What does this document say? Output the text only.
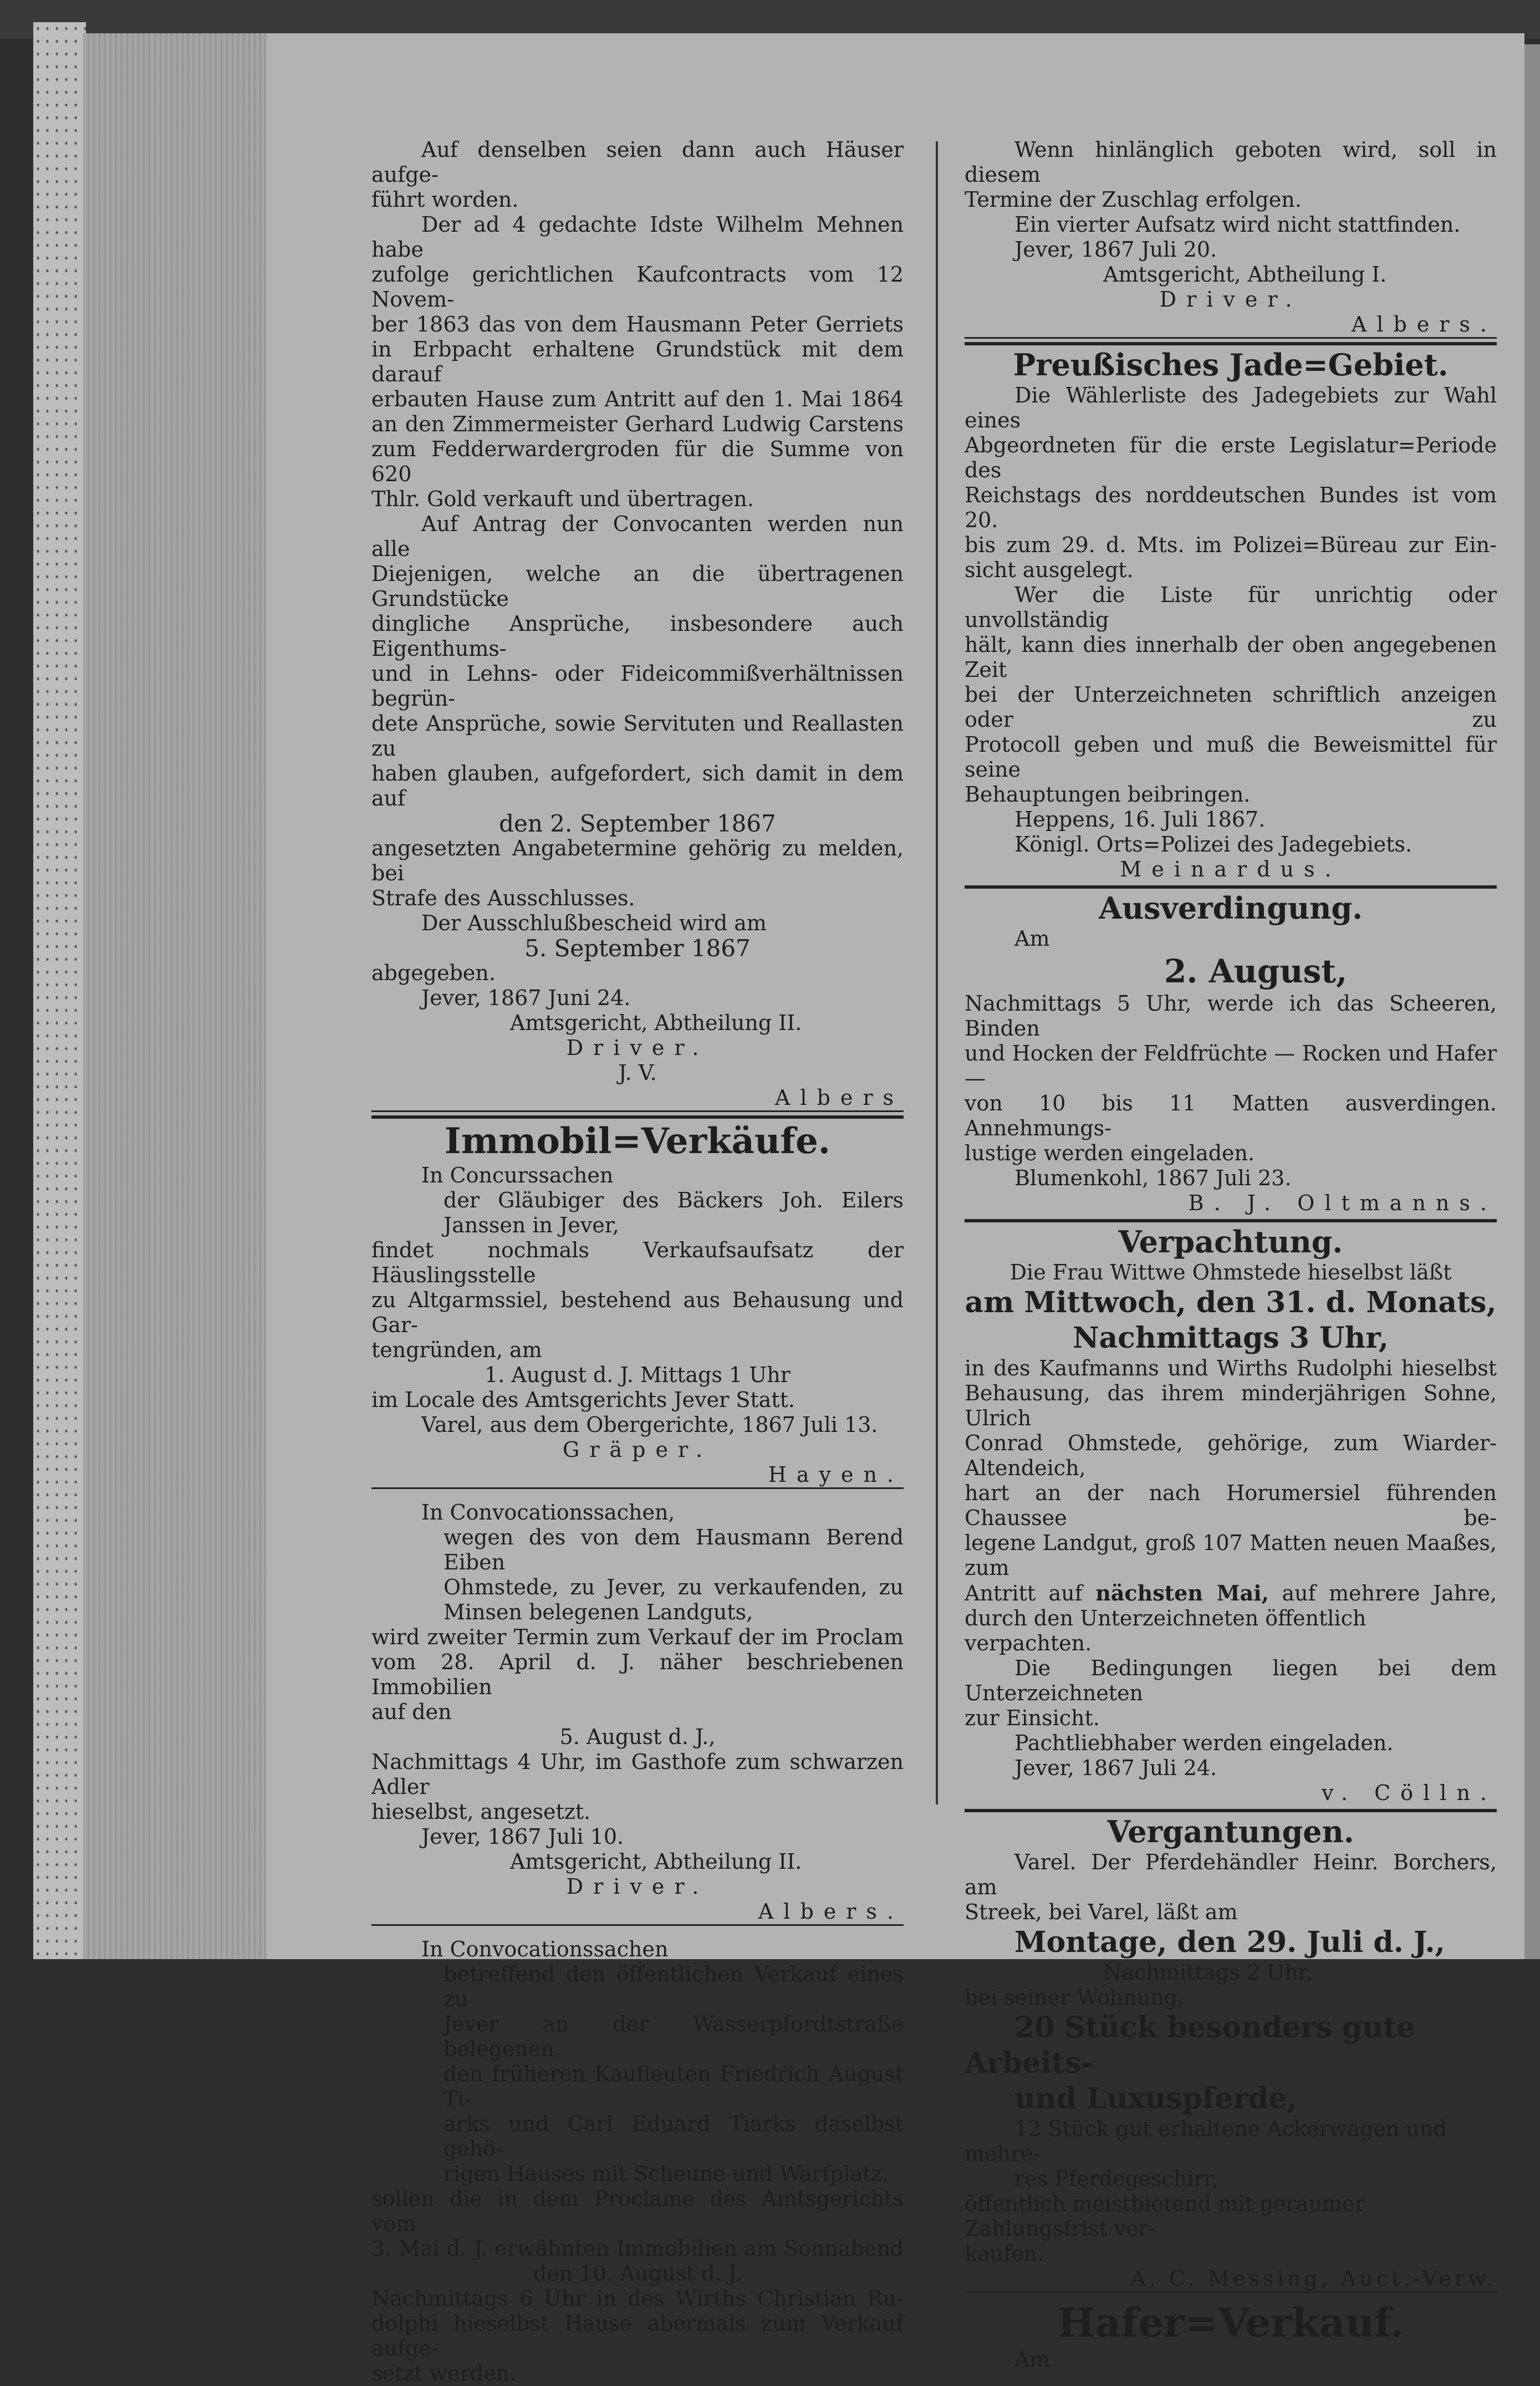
Auf denselben seien dann auch Häuser aufge-

führt worden.

Der ad 4 gedachte Idste Wilhelm Mehnen habe

zufolge gerichtlichen Kaufcontracts vom 12 Novem-

ber 1863 das von dem Hausmann Peter Gerriets

in Erbpacht erhaltene Grundstück mit dem darauf

erbauten Hause zum Antritt auf den 1. Mai 1864

an den Zimmermeister Gerhard Ludwig Carstens

zum Fedderwardergroden für die Summe von 620

Thlr. Gold verkauft und übertragen.

Auf Antrag der Convocanten werden nun alle

Diejenigen, welche an die übertragenen Grundstücke

dingliche Ansprüche, insbesondere auch Eigenthums-

und in Lehns- oder Fideicommißverhältnissen begrün-

dete Ansprüche, sowie Servituten und Reallasten zu

haben glauben, aufgefordert, sich damit in dem auf

den 2. September 1867

angesetzten Angabetermine gehörig zu melden, bei

Strafe des Ausschlusses.

Der Ausschlußbescheid wird am

5. September 1867

abgegeben.

Jever, 1867 Juni 24.

Amtsgericht, Abtheilung II.

Driver.

J. V.

Albers

Immobil=Verkäufe.

In Concurssachen

der Gläubiger des Bäckers Joh. Eilers

Janssen in Jever,

findet nochmals Verkaufsaufsatz der Häuslingsstelle

zu Altgarmssiel, bestehend aus Behausung und Gar-

tengründen, am

1. August d. J. Mittags 1 Uhr

im Locale des Amtsgerichts Jever Statt.

Varel, aus dem Obergerichte, 1867 Juli 13.

Gräper.

Hayen.

In Convocationssachen,

wegen des von dem Hausmann Berend Eiben

Ohmstede, zu Jever, zu verkaufenden, zu

Minsen belegenen Landguts,

wird zweiter Termin zum Verkauf der im Proclam

vom 28. April d. J. näher beschriebenen Immobilien

auf den

5. August d. J.,

Nachmittags 4 Uhr, im Gasthofe zum schwarzen Adler

hieselbst, angesetzt.

Jever, 1867 Juli 10.

Amtsgericht, Abtheilung II.

Driver.

Albers.

In Convocationssachen

betreffend den öffentlichen Verkauf eines zu

Jever an der Wasserpfordtstraße belegenen,

den früheren Kaufleuten Friedrich August Ti-

arks und Carl Eduard Tiarks daselbst gehö-

rigen Hauses mit Scheune und Warfplatz,

sollen die in dem Proclame des Amtsgerichts vom

3. Mai d. J. erwähnten Immobilien am Sonnabend

den 10. August d. J.

Nachmittags 6 Uhr in des Wirths Christian Ru-

dolphi hieselbst Hause abermals zum Verkauf aufge-

setzt werden.

Wenn hinlänglich geboten wird, soll in diesem

Termine der Zuschlag erfolgen.

Ein vierter Aufsatz wird nicht stattfinden.

Jever, 1867 Juli 20.

Amtsgericht, Abtheilung I.

Driver.

Albers.

Preußisches Jade=Gebiet.

Die Wählerliste des Jadegebiets zur Wahl eines

Abgeordneten für die erste Legislatur=Periode des

Reichstags des norddeutschen Bundes ist vom 20.

bis zum 29. d. Mts. im Polizei=Büreau zur Ein-

sicht ausgelegt.

Wer die Liste für unrichtig oder unvollständig

hält, kann dies innerhalb der oben angegebenen Zeit

bei der Unterzeichneten schriftlich anzeigen oder zu

Protocoll geben und muß die Beweismittel für seine

Behauptungen beibringen.

Heppens, 16. Juli 1867.

Königl. Orts=Polizei des Jadegebiets.

Meinardus.

Ausverdingung.

Am

2. August,

Nachmittags 5 Uhr, werde ich das Scheeren, Binden

und Hocken der Feldfrüchte — Rocken und Hafer —

von 10 bis 11 Matten ausverdingen. Annehmungs-

lustige werden eingeladen.

Blumenkohl, 1867 Juli 23.

B. J. Oltmanns.

Verpachtung.

Die Frau Wittwe Ohmstede hieselbst läßt

am Mittwoch, den 31. d. Monats,

Nachmittags 3 Uhr,

in des Kaufmanns und Wirths Rudolphi hieselbst

Behausung, das ihrem minderjährigen Sohne, Ulrich

Conrad Ohmstede, gehörige, zum Wiarder-Altendeich,

hart an der nach Horumersiel führenden Chaussee be-

legene Landgut, groß 107 Matten neuen Maaßes, zum

Antritt auf nächsten Mai, auf mehrere Jahre,

durch den Unterzeichneten öffentlich verpachten.

Die Bedingungen liegen bei dem Unterzeichneten

zur Einsicht.

Pachtliebhaber werden eingeladen.

Jever, 1867 Juli 24.

v. Cölln.

Vergantungen.

Varel. Der Pferdehändler Heinr. Borchers, am

Streek, bei Varel, läßt am

Montage, den 29. Juli d. J.,

Nachmittags 2 Uhr,

bei seiner Wohnung,

20 Stück besonders gute Arbeits-

und Luxuspferde,

12 Stück gut erhaltene Ackerwagen und mehre-

res Pferdegeschirr,

öffentlich meistbietend mit geraumer Zahlungsfrist ver-

kaufen.

A. C. Messing, Auct.-Verw.

Hafer=Verkauf.

Am
